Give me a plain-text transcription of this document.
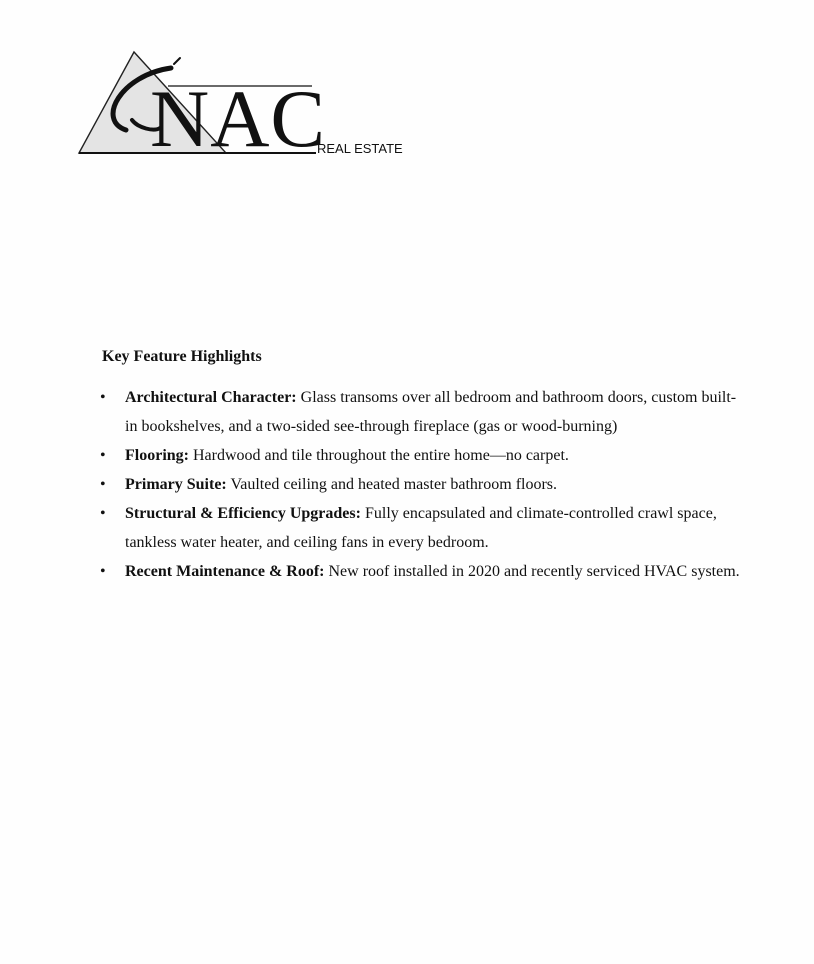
NAC
REAL ESTATE
Key Feature Highlights
• Architectural Character: Glass transoms over all bedroom and bathroom doors, custom built-in bookshelves, and a two-sided see-through fireplace (gas or wood-burning)
• Flooring: Hardwood and tile throughout the entire home—no carpet.
• Primary Suite: Vaulted ceiling and heated master bathroom floors.
• Structural & Efficiency Upgrades: Fully encapsulated and climate-controlled crawl space, tankless water heater, and ceiling fans in every bedroom.
• Recent Maintenance & Roof: New roof installed in 2020 and recently serviced HVAC system.
